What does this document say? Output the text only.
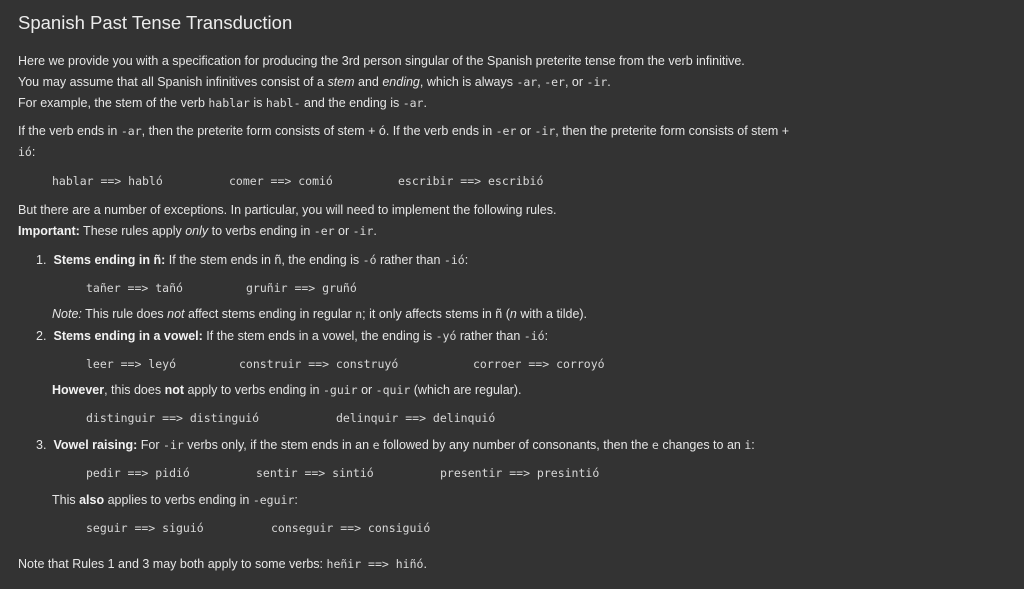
Spanish Past Tense Transduction
Here we provide you with a specification for producing the 3rd person singular of the Spanish preterite tense from the verb infinitive.
You may assume that all Spanish infinitives consist of a stem and ending, which is always -ar, -er, or -ir.
For example, the stem of the verb hablar is habl- and the ending is -ar.
If the verb ends in -ar, then the preterite form consists of stem + ó. If the verb ends in -er or -ir, then the preterite form consists of stem +
ió:
hablar ==> habló	comer ==> comió	escribir ==> escribió
But there are a number of exceptions. In particular, you will need to implement the following rules.
Important: These rules apply only to verbs ending in -er or -ir.
1. Stems ending in ñ: If the stem ends in ñ, the ending is -ó rather than -ió:
tañer ==> tañó	gruñir ==> gruñó
Note: This rule does not affect stems ending in regular n; it only affects stems in ñ (n with a tilde).
2. Stems ending in a vowel: If the stem ends in a vowel, the ending is -yó rather than -ió:
leer ==> leyó	construir ==> construyó	corroer ==> corroyó
However, this does not apply to verbs ending in -guir or -quir (which are regular).
distinguir ==> distinguió	delinquir ==> delinquió
3. Vowel raising: For -ir verbs only, if the stem ends in an e followed by any number of consonants, then the e changes to an i:
pedir ==> pidió	sentir ==> sintió	presentir ==> presintió
This also applies to verbs ending in -eguir:
seguir ==> siguió	conseguir ==> consiguió
Note that Rules 1 and 3 may both apply to some verbs: heñir ==> hiñó.
